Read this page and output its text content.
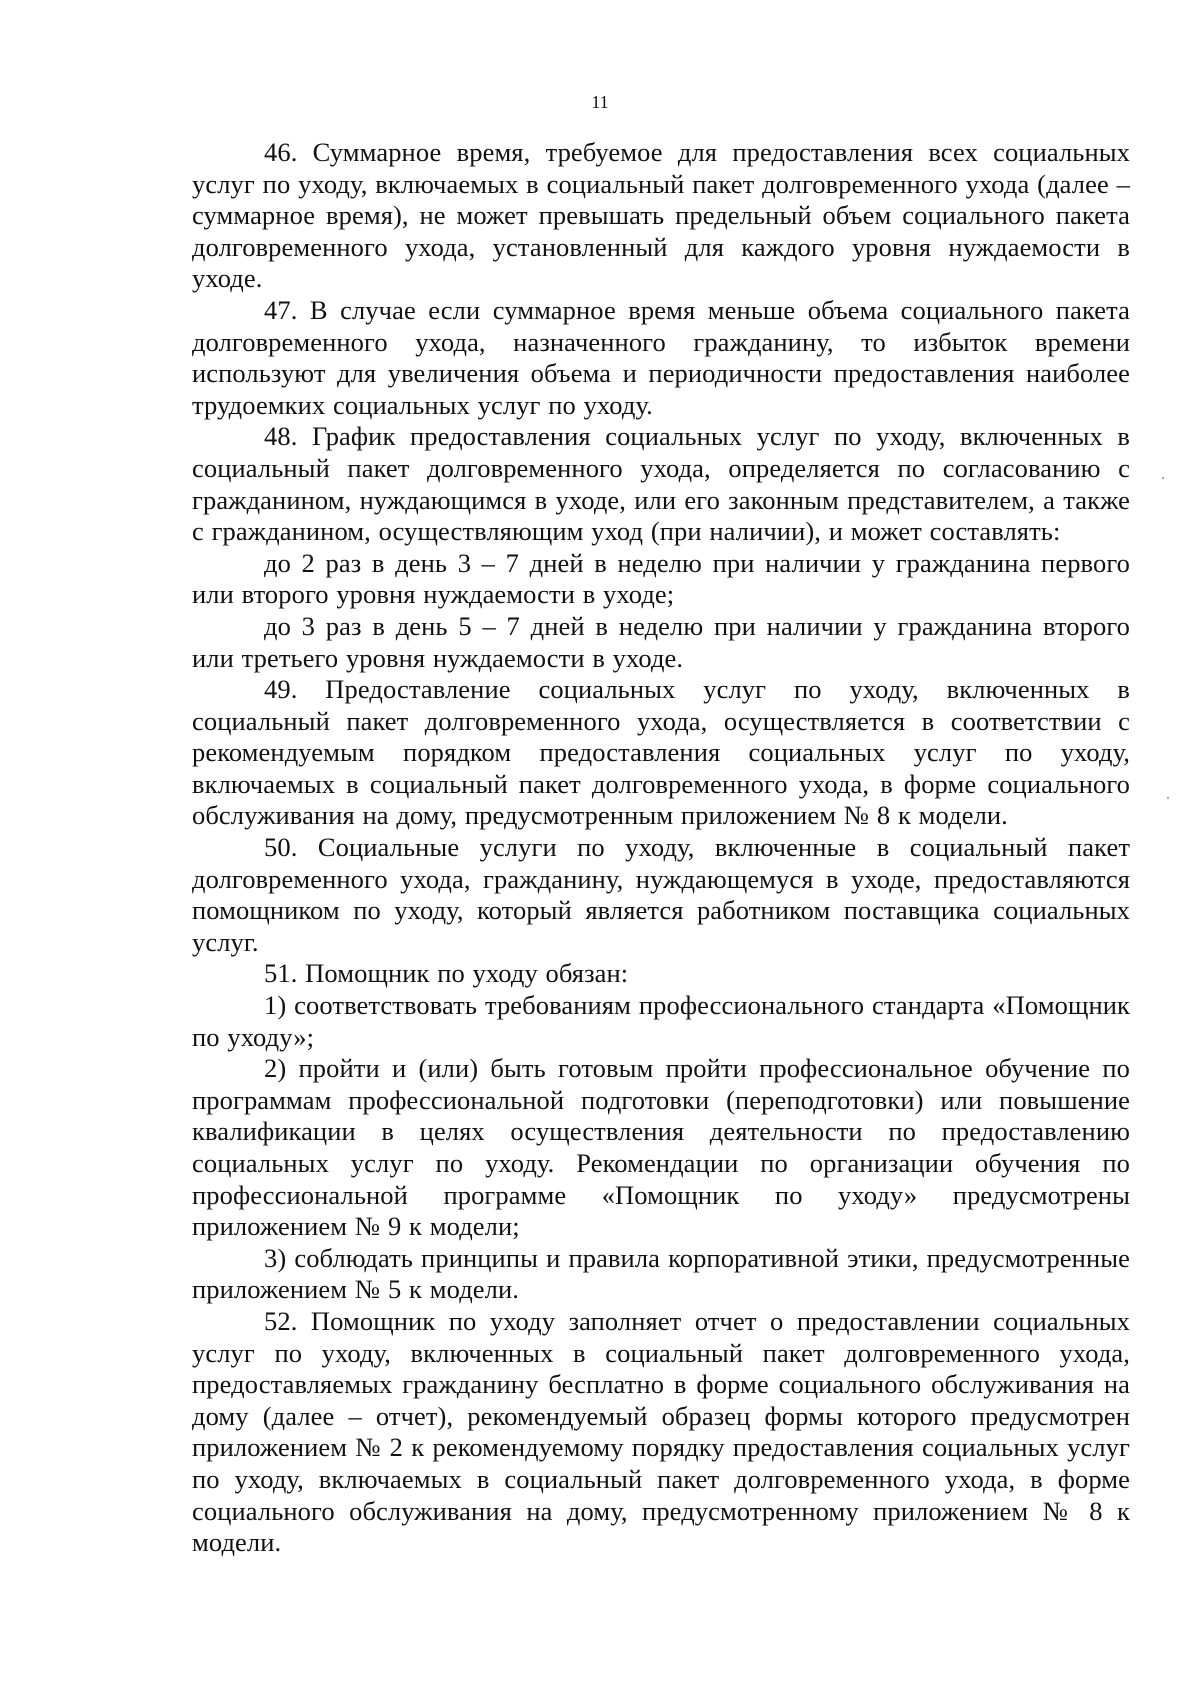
11

46. Суммарное время, требуемое для предоставления всех социальных услуг по уходу, включаемых в социальный пакет долговременного ухода (далее – суммарное время), не может превышать предельный объем социального пакета долговременного ухода, установленный для каждого уровня нуждаемости в уходе.

47. В случае если суммарное время меньше объема социального пакета долговременного ухода, назначенного гражданину, то избыток времени используют для увеличения объема и периодичности предоставления наиболее трудоемких социальных услуг по уходу.

48. График предоставления социальных услуг по уходу, включенных в социальный пакет долговременного ухода, определяется по согласованию с гражданином, нуждающимся в уходе, или его законным представителем, а также с гражданином, осуществляющим уход (при наличии), и может составлять:

до 2 раз в день 3 – 7 дней в неделю при наличии у гражданина первого или второго уровня нуждаемости в уходе;

до 3 раз в день 5 – 7 дней в неделю при наличии у гражданина второго или третьего уровня нуждаемости в уходе.

49. Предоставление социальных услуг по уходу, включенных в социальный пакет долговременного ухода, осуществляется в соответствии с рекомендуемым порядком предоставления социальных услуг по уходу, включаемых в социальный пакет долговременного ухода, в форме социального обслуживания на дому, предусмотренным приложением № 8 к модели.

50. Социальные услуги по уходу, включенные в социальный пакет долговременного ухода, гражданину, нуждающемуся в уходе, предоставляются помощником по уходу, который является работником поставщика социальных услуг.

51. Помощник по уходу обязан:

1) соответствовать требованиям профессионального стандарта «Помощник по уходу»;

2) пройти и (или) быть готовым пройти профессиональное обучение по программам профессиональной подготовки (переподготовки) или повышение квалификации в целях осуществления деятельности по предоставлению социальных услуг по уходу. Рекомендации по организации обучения по профессиональной программе «Помощник по уходу» предусмотрены приложением № 9 к модели;

3) соблюдать принципы и правила корпоративной этики, предусмотренные приложением № 5 к модели.

52. Помощник по уходу заполняет отчет о предоставлении социальных услуг по уходу, включенных в социальный пакет долговременного ухода, предоставляемых гражданину бесплатно в форме социального обслуживания на дому (далее – отчет), рекомендуемый образец формы которого предусмотрен приложением № 2 к рекомендуемому порядку предоставления социальных услуг по уходу, включаемых в социальный пакет долговременного ухода, в форме социального обслуживания на дому, предусмотренному приложением № 8 к модели.
